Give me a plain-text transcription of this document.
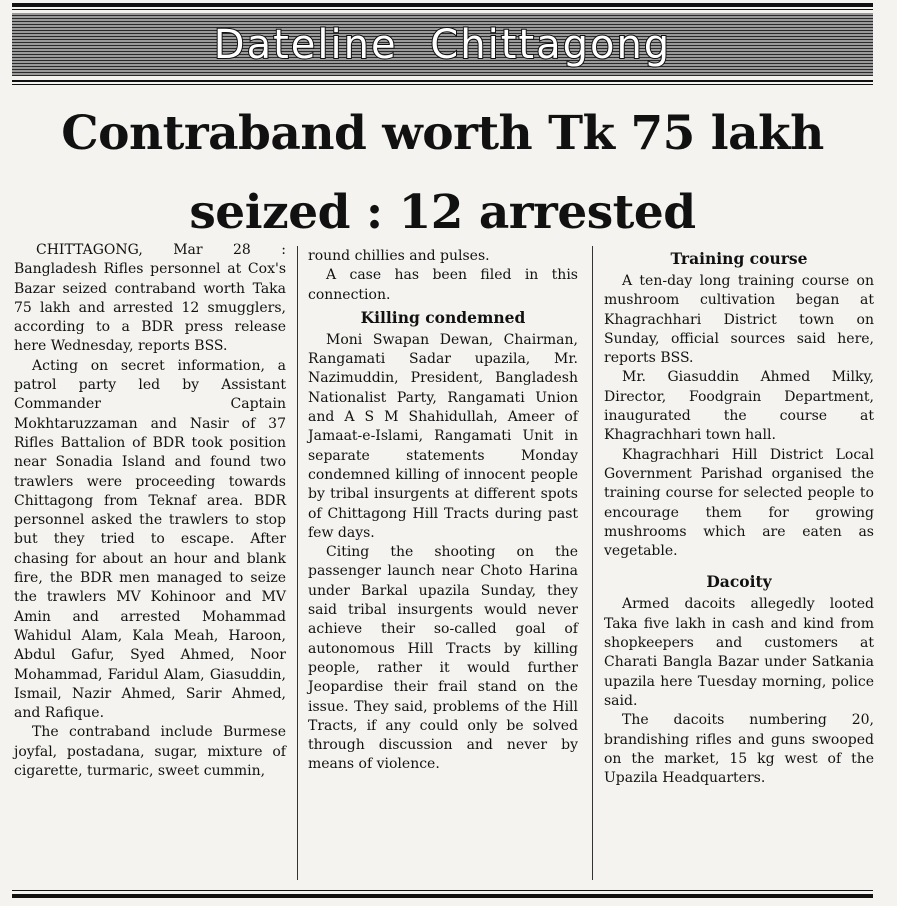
Dateline Chittagong
Contraband worth Tk 75 lakh seized : 12 arrested

CHITTAGONG, Mar 28 : Bangladesh Rifles personnel at Cox's Bazar seized contraband worth Taka 75 lakh and arrested 12 smugglers, according to a BDR press release here Wednesday, reports BSS.

Acting on secret information, a patrol party led by Assistant Commander Captain Mokhtaruzzaman and Nasir of 37 Rifles Battalion of BDR took position near Sonadia Island and found two trawlers were proceeding towards Chittagong from Teknaf area. BDR personnel asked the trawlers to stop but they tried to escape. After chasing for about an hour and blank fire, the BDR men managed to seize the trawlers MV Kohinoor and MV Amin and arrested Mohammad Wahidul Alam, Kala Meah, Haroon, Abdul Gafur, Syed Ahmed, Noor Mohammad, Faridul Alam, Giasuddin, Ismail, Nazir Ahmed, Sarir Ahmed, and Rafique.

The contraband include Burmese joyfal, postadana, sugar, mixture of cigarette, turmaric, sweet cummin,

round chillies and pulses.

A case has been filed in this connection.

Killing condemned

Moni Swapan Dewan, Chairman, Rangamati Sadar upazila, Mr. Nazimuddin, President, Bangladesh Nationalist Party, Rangamati Union and A S M Shahidullah, Ameer of Jamaat-e-Islami, Rangamati Unit in separate statements Monday condemned killing of innocent people by tribal insurgents at different spots of Chittagong Hill Tracts during past few days.

Citing the shooting on the passenger launch near Choto Harina under Barkal upazila Sunday, they said tribal insurgents would never achieve their so-called goal of autonomous Hill Tracts by killing people, rather it would further Jeopardise their frail stand on the issue. They said, problems of the Hill Tracts, if any could only be solved through discussion and never by means of violence.

Training course

A ten-day long training course on mushroom cultivation began at Khagrachhari District town on Sunday, official sources said here, reports BSS.

Mr. Giasuddin Ahmed Milky, Director, Foodgrain Department, inaugurated the course at Khagrachhari town hall.

Khagrachhari Hill District Local Government Parishad organised the training course for selected people to encourage them for growing mushrooms which are eaten as vegetable.

Dacoity

Armed dacoits allegedly looted Taka five lakh in cash and kind from shopkeepers and customers at Charati Bangla Bazar under Satkania upazila here Tuesday morning, police said.

The dacoits numbering 20, brandishing rifles and guns swooped on the market, 15 kg west of the Upazila Headquarters.
